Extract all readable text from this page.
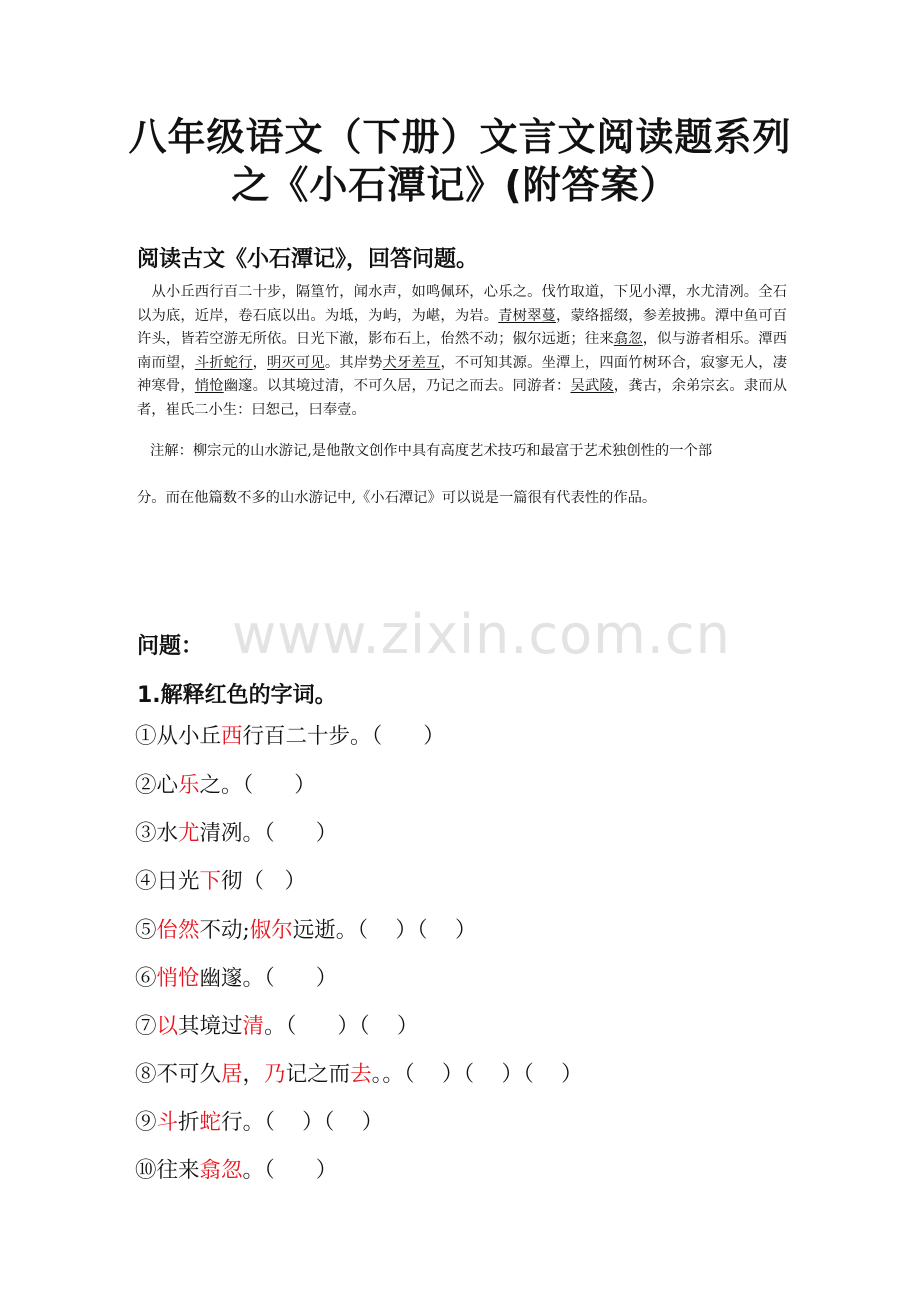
八年级语文（下册）文言文阅读题系列
之《小石潭记》(附答案）
阅读古文《小石潭记》，回答问题。
　从小丘西行百二十步，隔篁竹，闻水声，如鸣佩环，心乐之。伐竹取道，下见小潭，水尤清冽。全石以为底，近岸，卷石底以出。为坻，为屿，为嵁，为岩。青树翠蔓，蒙络摇缀，参差披拂。潭中鱼可百许头，皆若空游无所依。日光下澈，影布石上，佁然不动；俶尔远逝；往来翕忽，似与游者相乐。潭西南而望，斗折蛇行，明灭可见。其岸势犬牙差互，不可知其源。坐潭上，四面竹树环合，寂寥无人，凄神寒骨，悄怆幽邃。以其境过清，不可久居，乃记之而去。同游者：吴武陵，龚古，余弟宗玄。隶而从者，崔氏二小生：曰恕己，曰奉壹。
注解：柳宗元的山水游记,是他散文创作中具有高度艺术技巧和最富于艺术独创性的一个部
分。而在他篇数不多的山水游记中,《小石潭记》可以说是一篇很有代表性的作品。
www.zixin.com.cn
问题：
1.解释红色的字词。
①从小丘西行百二十步。（      ）
②心乐之。（      ）
③水尤清冽。（      ）
④日光下彻（   ）
⑤佁然不动;俶尔远逝。（    ）（    ）
⑥悄怆幽邃。（      ）
⑦以其境过清。（      ）（    ）
⑧不可久居，乃记之而去。。（    ）（    ）（    ）
⑨斗折蛇行。（    ）（    ）
⑩往来翕忽。（      ）
